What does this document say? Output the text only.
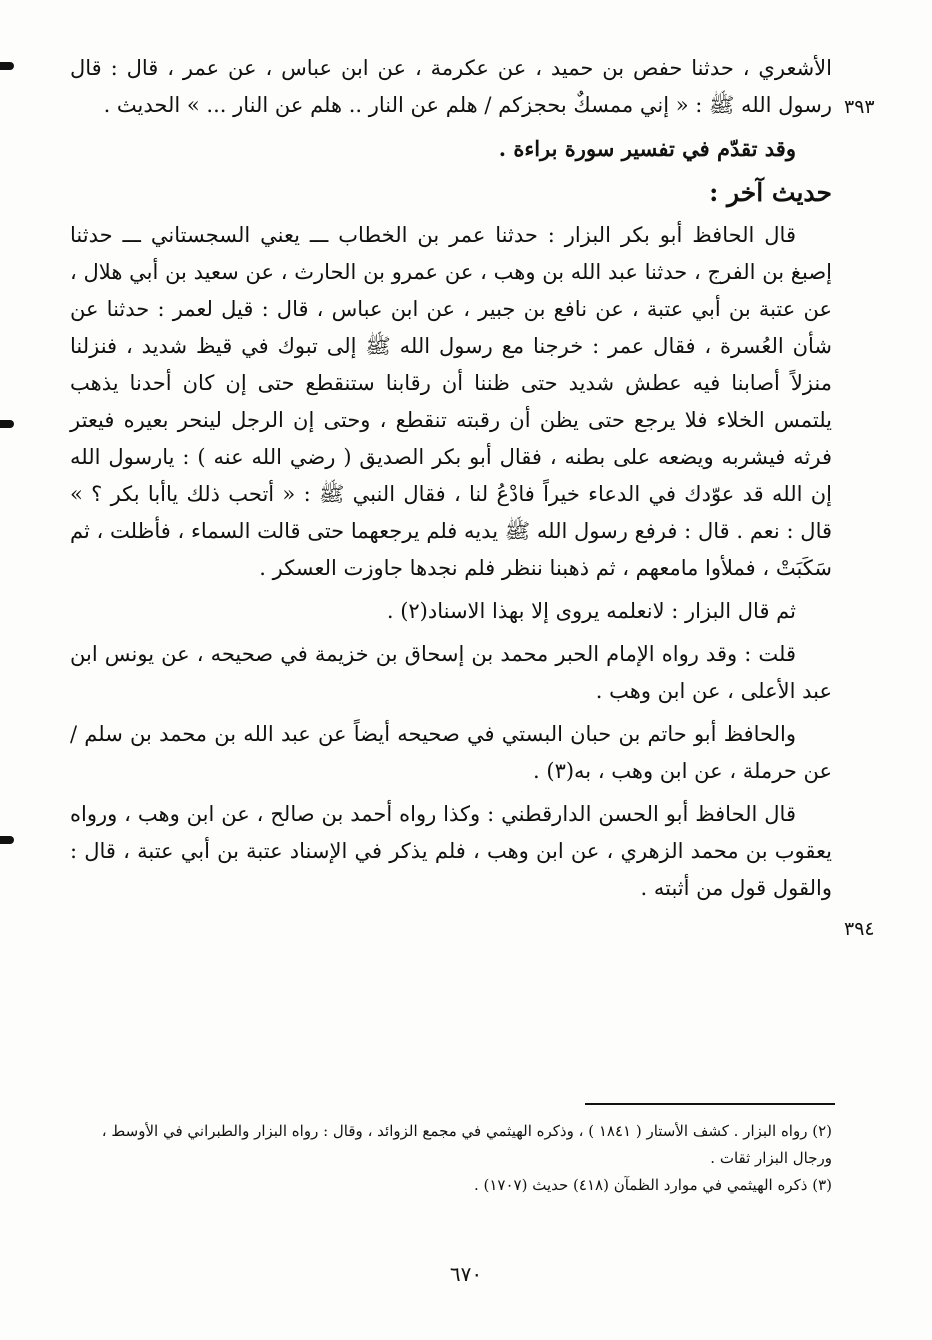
٣٩٣
٣٩٤

الأشعري ، حدثنا حفص بن حميد ، عن عكرمة ، عن ابن عباس ، عن عمر ، قال : قال رسول الله ﷺ : « إني ممسكٌ بحجزكم / هلم عن النار .. هلم عن النار ... » الحديث .

وقد تقدّم في تفسير سورة براءة .

حديث آخر :

قال الحافظ أبو بكر البزار : حدثنا عمر بن الخطاب ـــ يعني السجستاني ـــ حدثنا إصبغ بن الفرج ، حدثنا عبد الله بن وهب ، عن عمرو بن الحارث ، عن سعيد بن أبي هلال ، عن عتبة بن أبي عتبة ، عن نافع بن جبير ، عن ابن عباس ، قال : قيل لعمر : حدثنا عن شأن العُسرة ، فقال عمر : خرجنا مع رسول الله ﷺ إلى تبوك في قيظ شديد ، فنزلنا منزلاً أصابنا فيه عطش شديد حتى ظننا أن رقابنا ستنقطع حتى إن كان أحدنا يذهب يلتمس الخلاء فلا يرجع حتى يظن أن رقبته تنقطع ، وحتى إن الرجل لينحر بعيره فيعتر فرثه فيشربه ويضعه على بطنه ، فقال أبو بكر الصديق ( رضي الله عنه ) : يارسول الله إن الله قد عوّدك في الدعاء خيراً فادْعُ لنا ، فقال النبي ﷺ : « أتحب ذلك ياأبا بكر ؟ » قال : نعم . قال : فرفع رسول الله ﷺ يديه فلم يرجعهما حتى قالت السماء ، فأظلت ، ثم سَكَبَتْ ، فملأوا مامعهم ، ثم ذهبنا ننظر فلم نجدها جاوزت العسكر .

ثم قال البزار : لانعلمه يروى إلا بهذا الاسناد(٢) .

قلت : وقد رواه الإمام الحبر محمد بن إسحاق بن خزيمة في صحيحه ، عن يونس ابن عبد الأعلى ، عن ابن وهب .

والحافظ أبو حاتم بن حبان البستي في صحيحه أيضاً عن عبد الله بن محمد بن سلم / عن حرملة ، عن ابن وهب ، به(٣) .

قال الحافظ أبو الحسن الدارقطني : وكذا رواه أحمد بن صالح ، عن ابن وهب ، ورواه يعقوب بن محمد الزهري ، عن ابن وهب ، فلم يذكر في الإسناد عتبة بن أبي عتبة ، قال : والقول قول من أثبته .

(٢) رواه البزار . كشف الأستار ( ١٨٤١ ) ، وذكره الهيثمي في مجمع الزوائد ، وقال : رواه البزار والطبراني في الأوسط ، ورجال البزار ثقات .

(٣) ذكره الهيثمي في موارد الظمآن (٤١٨) حديث (١٧٠٧) .

٦٧٠
